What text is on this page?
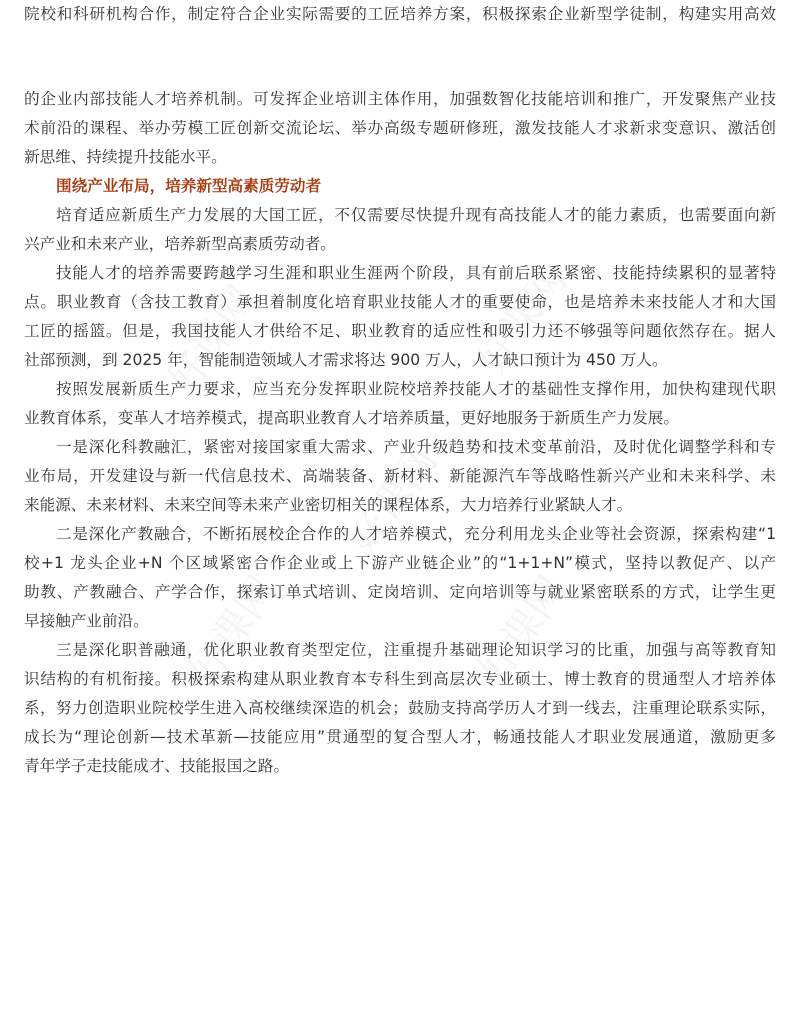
院校和科研机构合作，制定符合企业实际需要的工匠培养方案，积极探索企业新型学徒制，构建实用高效
的企业内部技能人才培养机制。可发挥企业培训主体作用，加强数智化技能培训和推广，开发聚焦产业技
术前沿的课程、举办劳模工匠创新交流论坛、举办高级专题研修班，激发技能人才求新求变意识、激活创
新思维、持续提升技能水平。
围绕产业布局，培养新型高素质劳动者
培育适应新质生产力发展的大国工匠，不仅需要尽快提升现有高技能人才的能力素质，也需要面向新
兴产业和未来产业，培养新型高素质劳动者。
技能人才的培养需要跨越学习生涯和职业生涯两个阶段，具有前后联系紧密、技能持续累积的显著特
点。职业教育（含技工教育）承担着制度化培育职业技能人才的重要使命，也是培养未来技能人才和大国
工匠的摇篮。但是，我国技能人才供给不足、职业教育的适应性和吸引力还不够强等问题依然存在。据人
社部预测，到 2025 年，智能制造领域人才需求将达 900 万人，人才缺口预计为 450 万人。
按照发展新质生产力要求，应当充分发挥职业院校培养技能人才的基础性支撑作用，加快构建现代职
业教育体系，变革人才培养模式，提高职业教育人才培养质量，更好地服务于新质生产力发展。
一是深化科教融汇，紧密对接国家重大需求、产业升级趋势和技术变革前沿，及时优化调整学科和专
业布局，开发建设与新一代信息技术、高端装备、新材料、新能源汽车等战略性新兴产业和未来科学、未
来能源、未来材料、未来空间等未来产业密切相关的课程体系，大力培养行业紧缺人才。
二是深化产教融合，不断拓展校企合作的人才培养模式，充分利用龙头企业等社会资源，探索构建“1
校+1 龙头企业+N 个区域紧密合作企业或上下游产业链企业”的“1+1+N”模式，坚持以教促产、以产
助教、产教融合、产学合作，探索订单式培训、定岗培训、定向培训等与就业紧密联系的方式，让学生更
早接触产业前沿。
三是深化职普融通，优化职业教育类型定位，注重提升基础理论知识学习的比重，加强与高等教育知
识结构的有机衔接。积极探索构建从职业教育本专科生到高层次专业硕士、博士教育的贯通型人才培养体
系，努力创造职业院校学生进入高校继续深造的机会；鼓励支持高学历人才到一线去，注重理论联系实际，
成长为“理论创新—技术革新—技能应用”贯通型的复合型人才，畅通技能人才职业发展通道，激励更多
青年学子走技能成才、技能报国之路。
